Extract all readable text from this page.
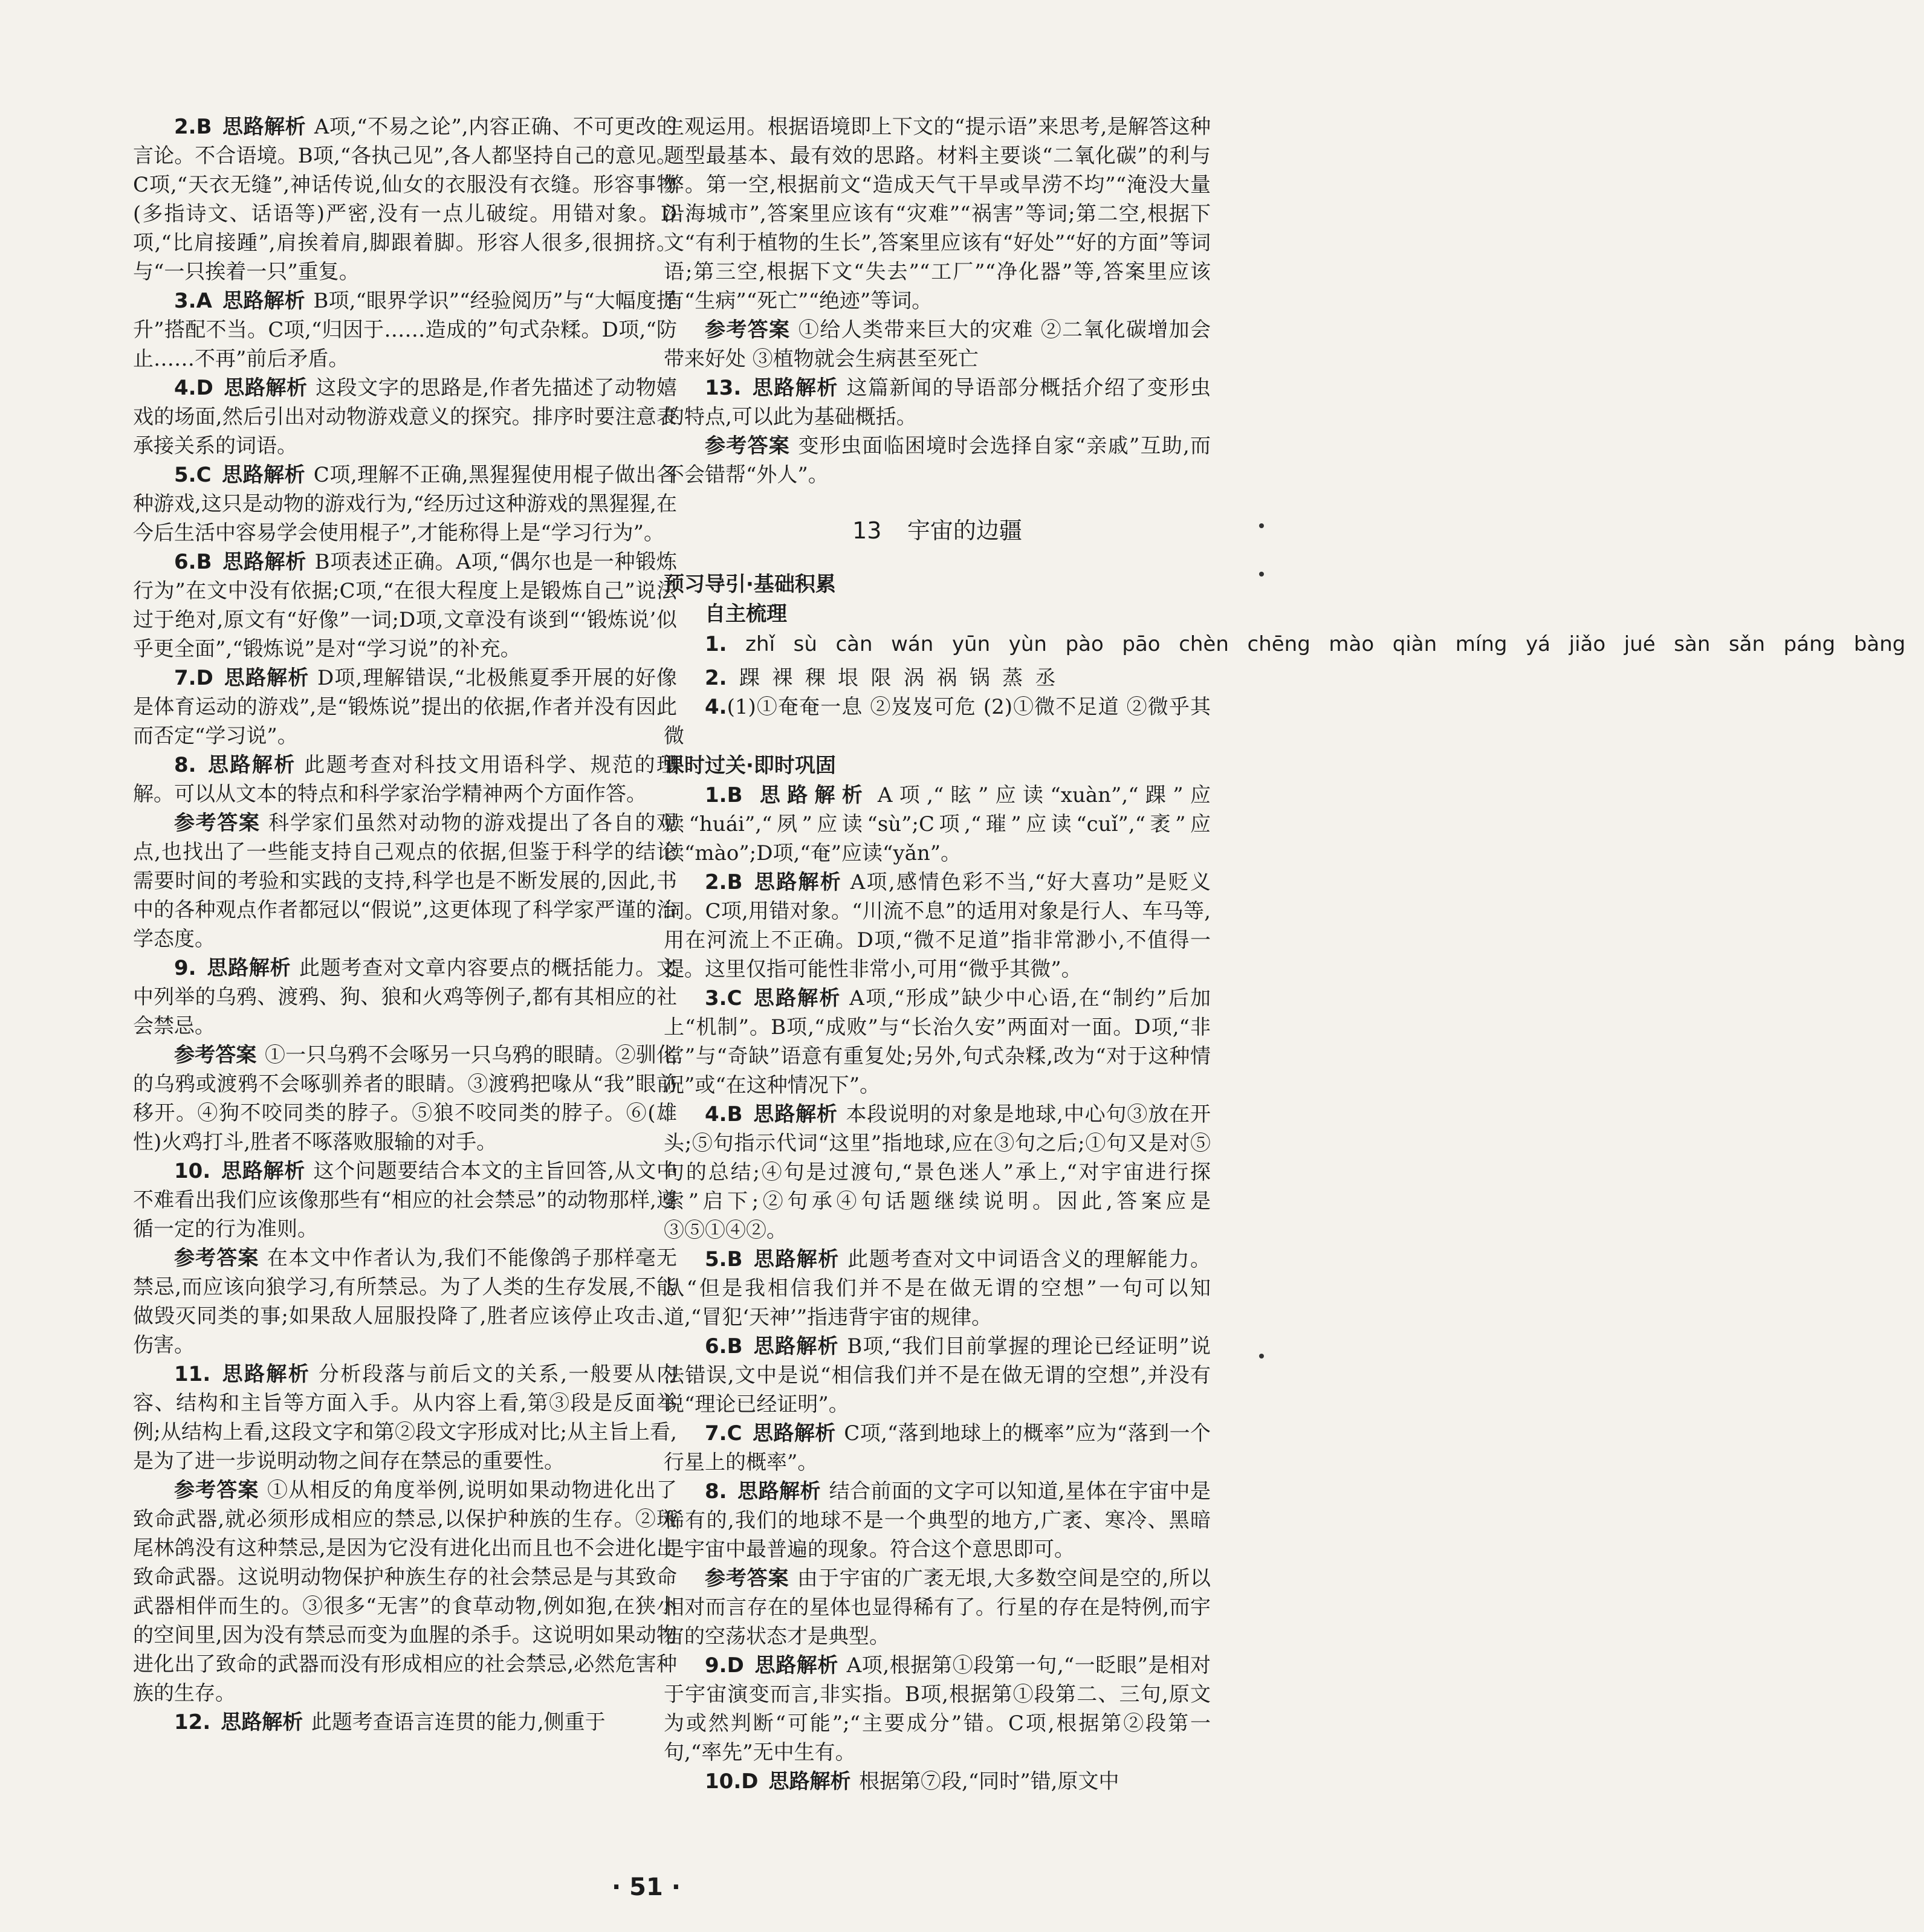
2.B 思路解析 A项,“不易之论”,内容正确、不可更改的言论。不合语境。B项,“各执己见”,各人都坚持自己的意见。C项,“天衣无缝”,神话传说,仙女的衣服没有衣缝。形容事物(多指诗文、话语等)严密,没有一点儿破绽。用错对象。D项,“比肩接踵”,肩挨着肩,脚跟着脚。形容人很多,很拥挤。与“一只挨着一只”重复。

3.A 思路解析 B项,“眼界学识”“经验阅历”与“大幅度提升”搭配不当。C项,“归因于……造成的”句式杂糅。D项,“防止……不再”前后矛盾。

4.D 思路解析 这段文字的思路是,作者先描述了动物嬉戏的场面,然后引出对动物游戏意义的探究。排序时要注意表承接关系的词语。

5.C 思路解析 C项,理解不正确,黑猩猩使用棍子做出各种游戏,这只是动物的游戏行为,“经历过这种游戏的黑猩猩,在今后生活中容易学会使用棍子”,才能称得上是“学习行为”。

6.B 思路解析 B项表述正确。A项,“偶尔也是一种锻炼行为”在文中没有依据;C项,“在很大程度上是锻炼自己”说法过于绝对,原文有“好像”一词;D项,文章没有谈到“‘锻炼说’似乎更全面”,“锻炼说”是对“学习说”的补充。

7.D 思路解析 D项,理解错误,“北极熊夏季开展的好像是体育运动的游戏”,是“锻炼说”提出的依据,作者并没有因此而否定“学习说”。

8. 思路解析 此题考查对科技文用语科学、规范的理解。可以从文本的特点和科学家治学精神两个方面作答。

参考答案 科学家们虽然对动物的游戏提出了各自的观点,也找出了一些能支持自己观点的依据,但鉴于科学的结论需要时间的考验和实践的支持,科学也是不断发展的,因此,书中的各种观点作者都冠以“假说”,这更体现了科学家严谨的治学态度。

9. 思路解析 此题考查对文章内容要点的概括能力。文中列举的乌鸦、渡鸦、狗、狼和火鸡等例子,都有其相应的社会禁忌。

参考答案 ①一只乌鸦不会啄另一只乌鸦的眼睛。②驯化的乌鸦或渡鸦不会啄驯养者的眼睛。③渡鸦把喙从“我”眼前移开。④狗不咬同类的脖子。⑤狼不咬同类的脖子。⑥(雄性)火鸡打斗,胜者不啄落败服输的对手。

10. 思路解析 这个问题要结合本文的主旨回答,从文中不难看出我们应该像那些有“相应的社会禁忌”的动物那样,遵循一定的行为准则。

参考答案 在本文中作者认为,我们不能像鸽子那样毫无禁忌,而应该向狼学习,有所禁忌。为了人类的生存发展,不能做毁灭同类的事;如果敌人屈服投降了,胜者应该停止攻击、伤害。

11. 思路解析 分析段落与前后文的关系,一般要从内容、结构和主旨等方面入手。从内容上看,第③段是反面举例;从结构上看,这段文字和第②段文字形成对比;从主旨上看,是为了进一步说明动物之间存在禁忌的重要性。

参考答案 ①从相反的角度举例,说明如果动物进化出了致命武器,就必须形成相应的禁忌,以保护种族的生存。②斑尾林鸽没有这种禁忌,是因为它没有进化出而且也不会进化出致命武器。这说明动物保护种族生存的社会禁忌是与其致命武器相伴而生的。③很多“无害”的食草动物,例如狍,在狭小的空间里,因为没有禁忌而变为血腥的杀手。这说明如果动物进化出了致命的武器而没有形成相应的社会禁忌,必然危害种族的生存。

12. 思路解析 此题考查语言连贯的能力,侧重于

主观运用。根据语境即上下文的“提示语”来思考,是解答这种题型最基本、最有效的思路。材料主要谈“二氧化碳”的利与弊。第一空,根据前文“造成天气干旱或旱涝不均”“淹没大量沿海城市”,答案里应该有“灾难”“祸害”等词;第二空,根据下文“有利于植物的生长”,答案里应该有“好处”“好的方面”等词语;第三空,根据下文“失去”“工厂”“净化器”等,答案里应该有“生病”“死亡”“绝迹”等词。

参考答案 ①给人类带来巨大的灾难 ②二氧化碳增加会带来好处 ③植物就会生病甚至死亡

13. 思路解析 这篇新闻的导语部分概括介绍了变形虫的特点,可以此为基础概括。

参考答案 变形虫面临困境时会选择自家“亲戚”互助,而不会错帮“外人”。

13 宇宙的边疆
预习导引·基础积累
自主梳理

1. zhǐ sù càn wán yūn yùn pào pāo chèn chēng mào qiàn míng yá jiǎo jué sàn sǎn páng bàng

2. 踝 裸 稞 垠 限 涡 祸 锅 蒸 丞

4.(1)①奄奄一息 ②岌岌可危 (2)①微不足道 ②微乎其微

课时过关·即时巩固

1.B 思路解析 A项,“眩”应读“xuàn”,“踝”应读“huái”,“夙”应读“sù”;C项,“璀”应读“cuǐ”,“袤”应读“mào”;D项,“奄”应读“yǎn”。

2.B 思路解析 A项,感情色彩不当,“好大喜功”是贬义词。C项,用错对象。“川流不息”的适用对象是行人、车马等,用在河流上不正确。D项,“微不足道”指非常渺小,不值得一提。这里仅指可能性非常小,可用“微乎其微”。

3.C 思路解析 A项,“形成”缺少中心语,在“制约”后加上“机制”。B项,“成败”与“长治久安”两面对一面。D项,“非常”与“奇缺”语意有重复处;另外,句式杂糅,改为“对于这种情况”或“在这种情况下”。

4.B 思路解析 本段说明的对象是地球,中心句③放在开头;⑤句指示代词“这里”指地球,应在③句之后;①句又是对⑤句的总结;④句是过渡句,“景色迷人”承上,“对宇宙进行探索”启下;②句承④句话题继续说明。因此,答案应是③⑤①④②。

5.B 思路解析 此题考查对文中词语含义的理解能力。从“但是我相信我们并不是在做无谓的空想”一句可以知道,“冒犯‘天神’”指违背宇宙的规律。

6.B 思路解析 B项,“我们目前掌握的理论已经证明”说法错误,文中是说“相信我们并不是在做无谓的空想”,并没有说“理论已经证明”。

7.C 思路解析 C项,“落到地球上的概率”应为“落到一个行星上的概率”。

8. 思路解析 结合前面的文字可以知道,星体在宇宙中是稀有的,我们的地球不是一个典型的地方,广袤、寒冷、黑暗是宇宙中最普遍的现象。符合这个意思即可。

参考答案 由于宇宙的广袤无垠,大多数空间是空的,所以相对而言存在的星体也显得稀有了。行星的存在是特例,而宇宙的空荡状态才是典型。

9.D 思路解析 A项,根据第①段第一句,“一眨眼”是相对于宇宙演变而言,非实指。B项,根据第①段第二、三句,原文为或然判断“可能”;“主要成分”错。C项,根据第②段第一句,“率先”无中生有。

10.D 思路解析 根据第⑦段,“同时”错,原文中

· 51 ·
